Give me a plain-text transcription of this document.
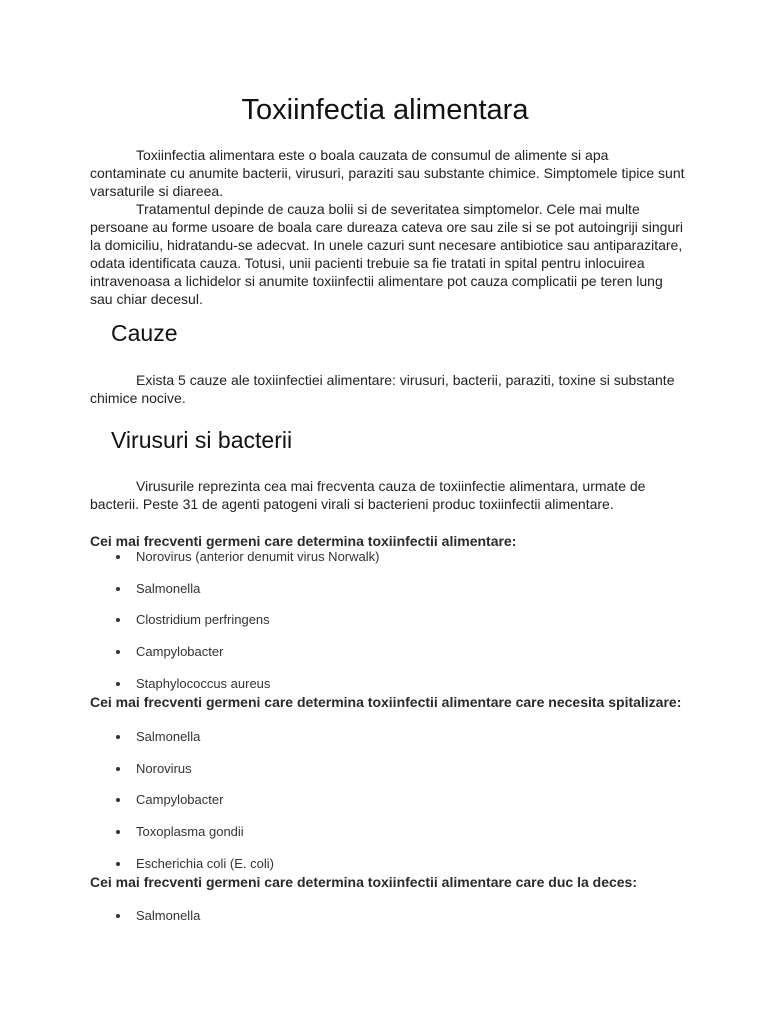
Toxiinfectia alimentara

Toxiinfectia alimentara este o boala cauzata de consumul de alimente si apa contaminate cu anumite bacterii, virusuri, paraziti sau substante chimice. Simptomele tipice sunt varsaturile si diareea.

Tratamentul depinde de cauza bolii si de severitatea simptomelor. Cele mai multe persoane au forme usoare de boala care dureaza cateva ore sau zile si se pot autoingriji singuri la domiciliu, hidratandu-se adecvat. In unele cazuri sunt necesare antibiotice sau antiparazitare, odata identificata cauza. Totusi, unii pacienti trebuie sa fie tratati in spital pentru inlocuirea intravenoasa a lichidelor si anumite toxiinfectii alimentare pot cauza complicatii pe teren lung sau chiar decesul.

Cauze

Exista 5 cauze ale toxiinfectiei alimentare: virusuri, bacterii, paraziti, toxine si substante chimice nocive.

Virusuri si bacterii

Virusurile reprezinta cea mai frecventa cauza de toxiinfectie alimentara, urmate de bacterii. Peste 31 de agenti patogeni virali si bacterieni produc toxiinfectii alimentare.

Cei mai frecventi germeni care determina toxiinfectii alimentare:

Norovirus (anterior denumit virus Norwalk)
Salmonella
Clostridium perfringens
Campylobacter
Staphylococcus aureus

Cei mai frecventi germeni care determina toxiinfectii alimentare care necesita spitalizare:

Salmonella
Norovirus
Campylobacter
Toxoplasma gondii
Escherichia coli (E. coli)

Cei mai frecventi germeni care determina toxiinfectii alimentare care duc la deces:

Salmonella
